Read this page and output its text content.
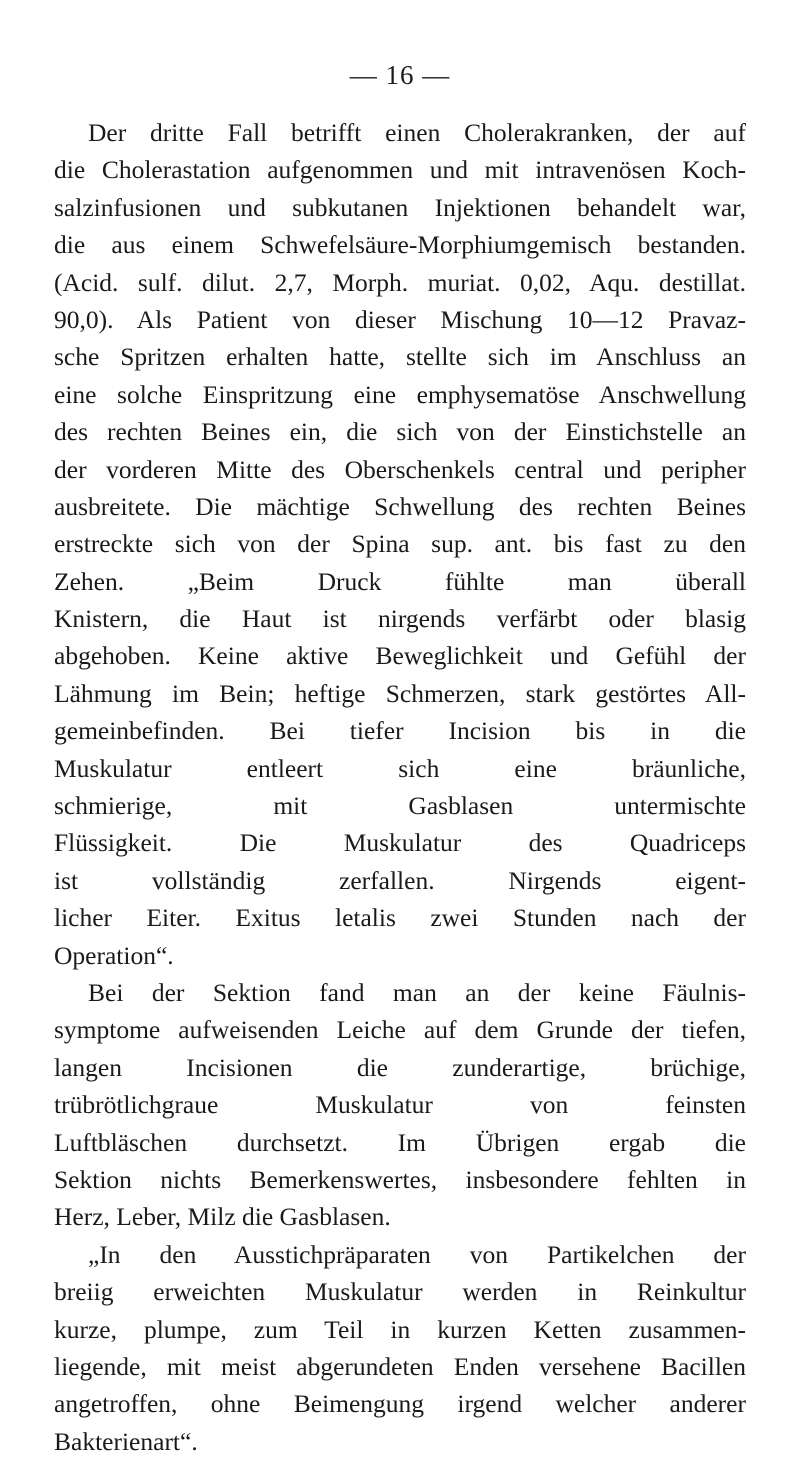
— 16 —
Der dritte Fall betrifft einen Cholerakranken, der auf
die Cholerastation aufgenommen und mit intravenösen Koch-
salzinfusionen und subkutanen Injektionen behandelt war,
die aus einem Schwefelsäure-Morphiumgemisch bestanden.
(Acid. sulf. dilut. 2,7, Morph. muriat. 0,02, Aqu. destillat.
90,0). Als Patient von dieser Mischung 10—12 Pravaz-
sche Spritzen erhalten hatte, stellte sich im Anschluss an
eine solche Einspritzung eine emphysematöse Anschwellung
des rechten Beines ein, die sich von der Einstichstelle an
der vorderen Mitte des Oberschenkels central und peripher
ausbreitete. Die mächtige Schwellung des rechten Beines
erstreckte sich von der Spina sup. ant. bis fast zu den
Zehen. „Beim Druck fühlte man überall
Knistern, die Haut ist nirgends verfärbt oder blasig
abgehoben. Keine aktive Beweglichkeit und Gefühl der
Lähmung im Bein; heftige Schmerzen, stark gestörtes All-
gemeinbefinden. Bei tiefer Incision bis in die
Muskulatur entleert sich eine bräunliche,
schmierige, mit Gasblasen untermischte
Flüssigkeit. Die Muskulatur des Quadriceps
ist vollständig zerfallen. Nirgends eigent-
licher Eiter. Exitus letalis zwei Stunden nach der
Operation“.
Bei der Sektion fand man an der keine Fäulnis-
symptome aufweisenden Leiche auf dem Grunde der tiefen,
langen Incisionen die zunderartige, brüchige,
trübrötlichgraue Muskulatur von feinsten
Luftbläschen durchsetzt. Im Übrigen ergab die
Sektion nichts Bemerkenswertes, insbesondere fehlten in
Herz, Leber, Milz die Gasblasen.
„In den Ausstichpräparaten von Partikelchen der
breiig erweichten Muskulatur werden in Reinkultur
kurze, plumpe, zum Teil in kurzen Ketten zusammen-
liegende, mit meist abgerundeten Enden versehene Bacillen
angetroffen, ohne Beimengung irgend welcher anderer
Bakterienart“.
